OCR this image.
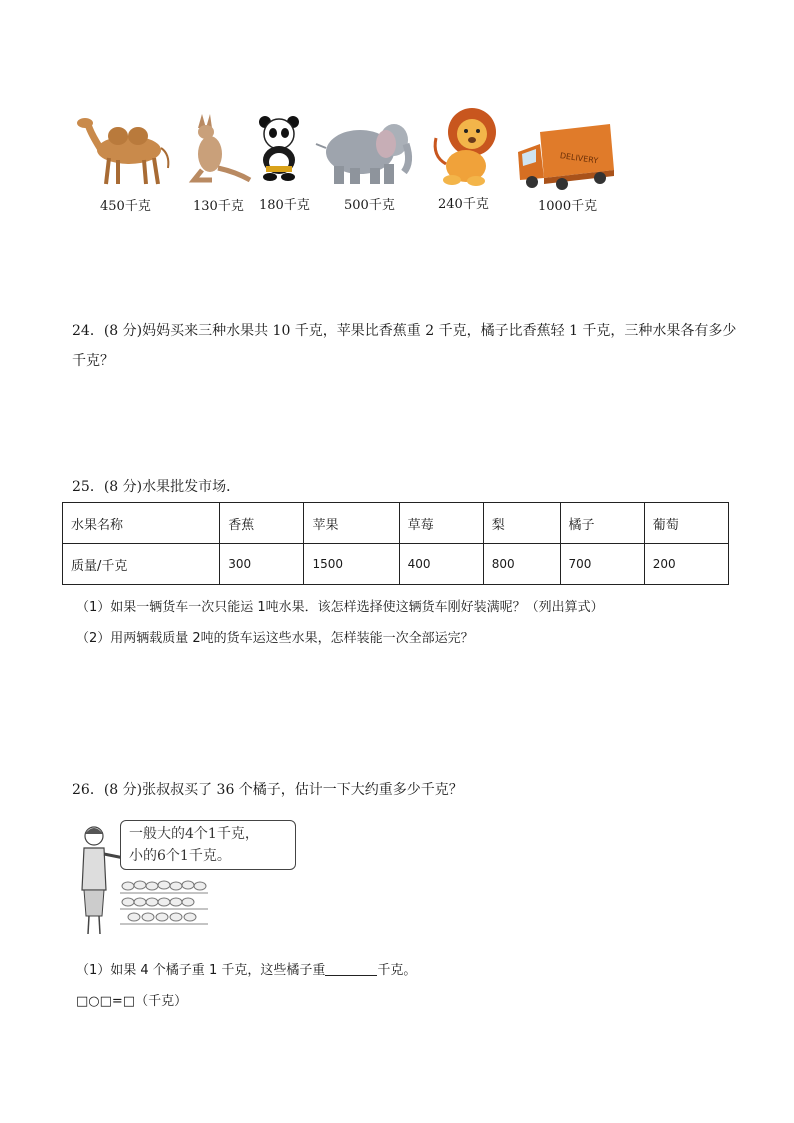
DELIVERY
450千克	130千克 180千克	500千克	240千克	1000千克
24．(8 分)妈妈买来三种水果共 10 千克，苹果比香蕉重 2 千克，橘子比香蕉轻 1 千克，三种水果各有多少
千克？
25．(8 分)水果批发市场．
水果名称	香蕉	苹果	草莓	梨	橘子	葡萄
质量/千克	300	1500	400	800	700	200
（1）如果一辆货车一次只能运 1吨水果．该怎样选择使这辆货车刚好装满呢？（列出算式）
（2）用两辆载质量 2吨的货车运这些水果，怎样装能一次全部运完？
26．(8 分)张叔叔买了 36 个橘子，估计一下大约重多少千克？
一般大的4个1千克，
小的6个1千克。
（1）如果 4 个橘子重 1 千克，这些橘子重	千克。
□○□=□（千克）
